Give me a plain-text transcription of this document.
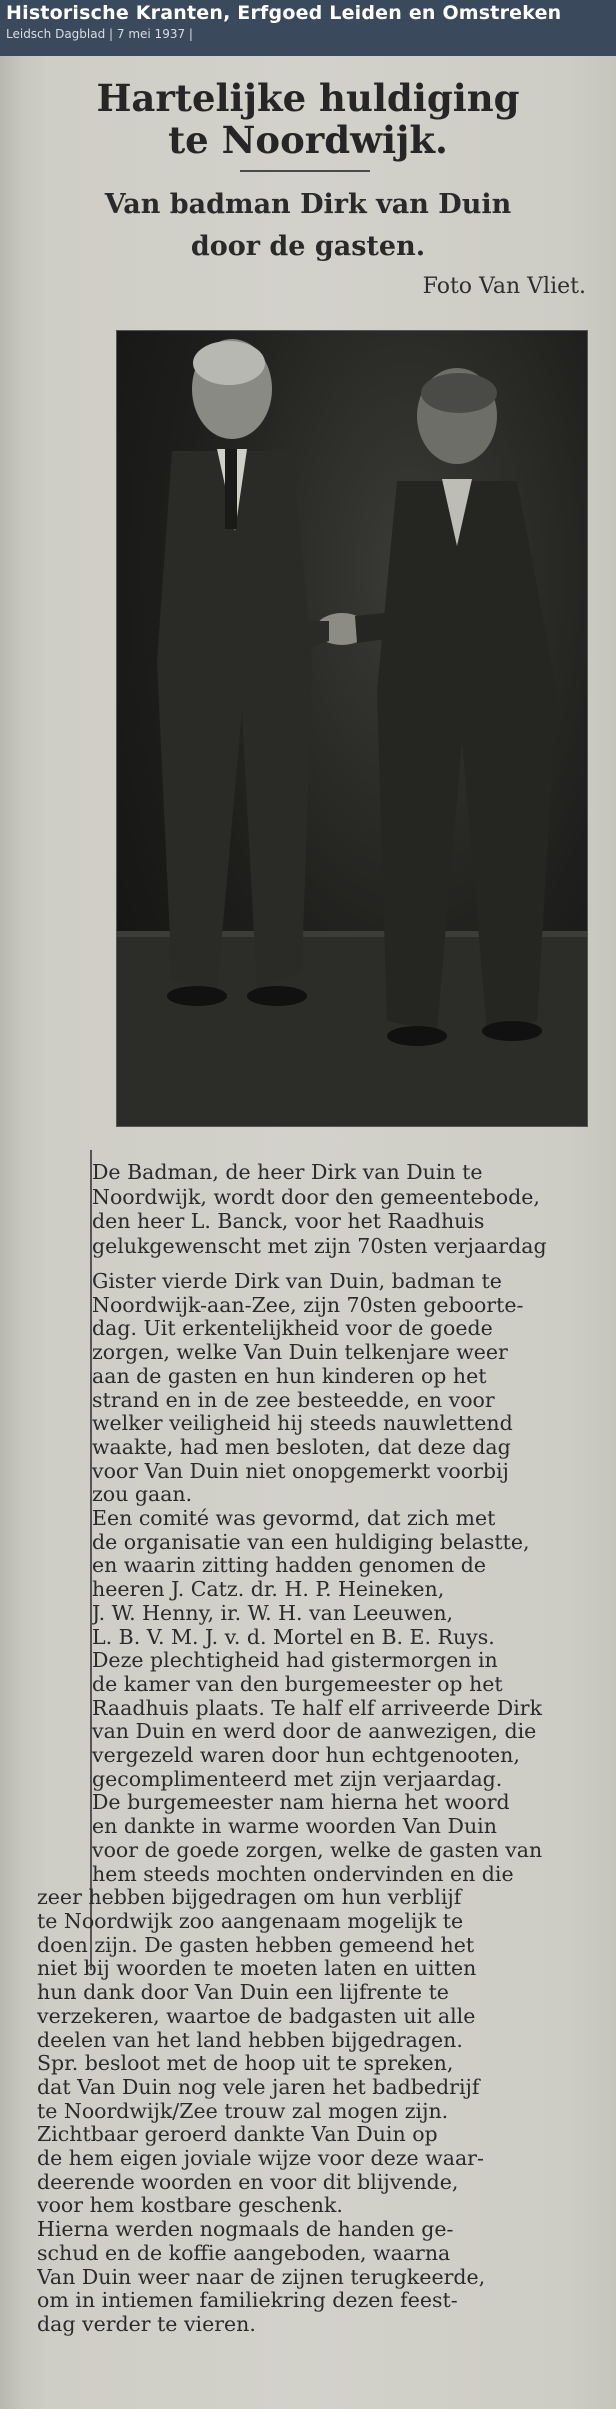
Historische Kranten, Erfgoed Leiden en Omstreken
Leidsch Dagblad | 7 mei 1937 |
Hartelijke huldiging
te Noordwijk.
Van badman Dirk van Duin
door de gasten.
Foto Van Vliet.
De Badman, de heer Dirk van Duin te
Noordwijk, wordt door den gemeentebode,
den heer L. Banck, voor het Raadhuis
gelukgewenscht met zijn 70sten verjaardag
Gister vierde Dirk van Duin, badman te
Noordwijk-aan-Zee, zijn 70sten geboorte-
dag. Uit erkentelijkheid voor de goede
zorgen, welke Van Duin telkenjare weer
aan de gasten en hun kinderen op het
strand en in de zee besteedde, en voor
welker veiligheid hij steeds nauwlettend
waakte, had men besloten, dat deze dag
voor Van Duin niet onopgemerkt voorbij
zou gaan.
Een comité was gevormd, dat zich met
de organisatie van een huldiging belastte,
en waarin zitting hadden genomen de
heeren J. Catz. dr. H. P. Heineken,
J. W. Henny, ir. W. H. van Leeuwen,
L. B. V. M. J. v. d. Mortel en B. E. Ruys.
Deze plechtigheid had gistermorgen in
de kamer van den burgemeester op het
Raadhuis plaats. Te half elf arriveerde Dirk
van Duin en werd door de aanwezigen, die
vergezeld waren door hun echtgenooten,
gecomplimenteerd met zijn verjaardag.
De burgemeester nam hierna het woord
en dankte in warme woorden Van Duin
voor de goede zorgen, welke de gasten van
hem steeds mochten ondervinden en die
zeer hebben bijgedragen om hun verblijf
te Noordwijk zoo aangenaam mogelijk te
doen zijn. De gasten hebben gemeend het
niet bij woorden te moeten laten en uitten
hun dank door Van Duin een lijfrente te
verzekeren, waartoe de badgasten uit alle
deelen van het land hebben bijgedragen.
Spr. besloot met de hoop uit te spreken,
dat Van Duin nog vele jaren het badbedrijf
te Noordwijk/Zee trouw zal mogen zijn.
Zichtbaar geroerd dankte Van Duin op
de hem eigen joviale wijze voor deze waar-
deerende woorden en voor dit blijvende,
voor hem kostbare geschenk.
Hierna werden nogmaals de handen ge-
schud en de koffie aangeboden, waarna
Van Duin weer naar de zijnen terugkeerde,
om in intiemen familiekring dezen feest-
dag verder te vieren.
